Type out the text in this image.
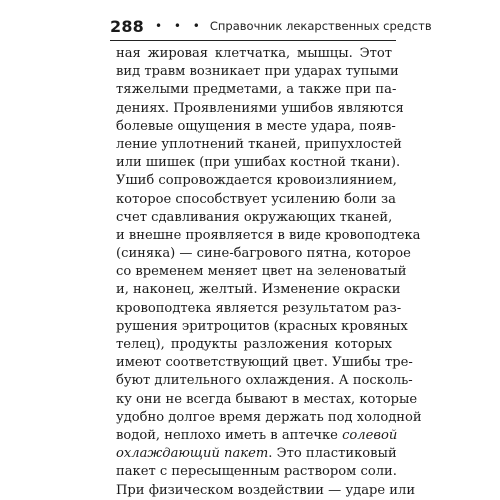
288 • • • Справочник лекарственных средств
ная жировая клетчатка, мышцы. Этот
вид травм возникает при ударах тупыми
тяжелыми предметами, а также при па-
дениях. Проявлениями ушибов являются
болевые ощущения в месте удара, появ-
ление уплотнений тканей, припухлостей
или шишек (при ушибах костной ткани).
Ушиб сопровождается кровоизлиянием,
которое способствует усилению боли за
счет сдавливания окружающих тканей,
и внешне проявляется в виде кровоподтека
(синяка) — сине-багрового пятна, которое
со временем меняет цвет на зеленоватый
и, наконец, желтый. Изменение окраски
кровоподтека является результатом раз-
рушения эритроцитов (красных кровяных
телец), продукты разложения которых
имеют соответствующий цвет. Ушибы тре-
буют длительного охлаждения. А посколь-
ку они не всегда бывают в местах, которые
удобно долгое время держать под холодной
водой, неплохо иметь в аптечке солевой
охлаждающий пакет. Это пластиковый
пакет с пересыщенным раствором соли.
При физическом воздействии — ударе или
